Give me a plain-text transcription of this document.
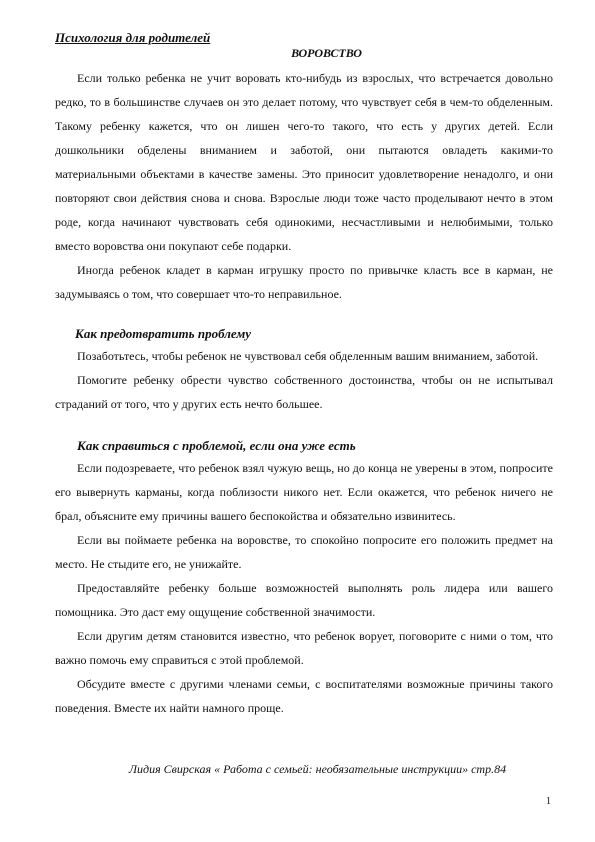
Психология для родителей

ВОРОВСТВО

Если только ребенка не учит воровать кто-нибудь из взрослых, что встречается довольно редко, то в большинстве случаев он это делает потому, что чувствует себя в чем-то обделенным. Такому ребенку кажется, что он лишен чего-то такого, что есть у других детей. Если дошкольники обделены вниманием и заботой, они пытаются овладеть какими-то материальными объектами в качестве замены. Это приносит удовлетворение ненадолго, и они повторяют свои действия снова и снова. Взрослые люди тоже часто проделывают нечто в этом роде, когда начинают чувствовать себя одинокими, несчастливыми и нелюбимыми, только вместо воровства они покупают себе подарки.

Иногда ребенок кладет в карман игрушку просто по привычке класть все в карман, не задумываясь о том, что совершает что-то неправильное.

Как предотвратить проблему

Позаботьтесь, чтобы ребенок не чувствовал себя обделенным вашим вниманием, заботой.

Помогите ребенку обрести чувство собственного достоинства, чтобы он не испытывал страданий от того, что у других есть нечто большее.

Как справиться с проблемой, если она уже есть

Если подозреваете, что ребенок взял чужую вещь, но до конца не уверены в этом, попросите его вывернуть карманы, когда поблизости никого нет. Если окажется, что ребенок ничего не брал, объясните ему причины вашего беспокойства и обязательно извинитесь.

Если вы поймаете ребенка на воровстве, то спокойно попросите его положить предмет на место. Не стыдите его, не унижайте.

Предоставляйте ребенку больше возможностей выполнять роль лидера или вашего помощника. Это даст ему ощущение собственной значимости.

Если другим детям становится известно, что ребенок ворует, поговорите с ними о том, что важно помочь ему справиться с этой проблемой.

Обсудите вместе с другими членами семьи, с воспитателями возможные причины такого поведения. Вместе их найти намного проще.

Лидия Свирская « Работа с семьей: необязательные инструкции» стр.84

1
